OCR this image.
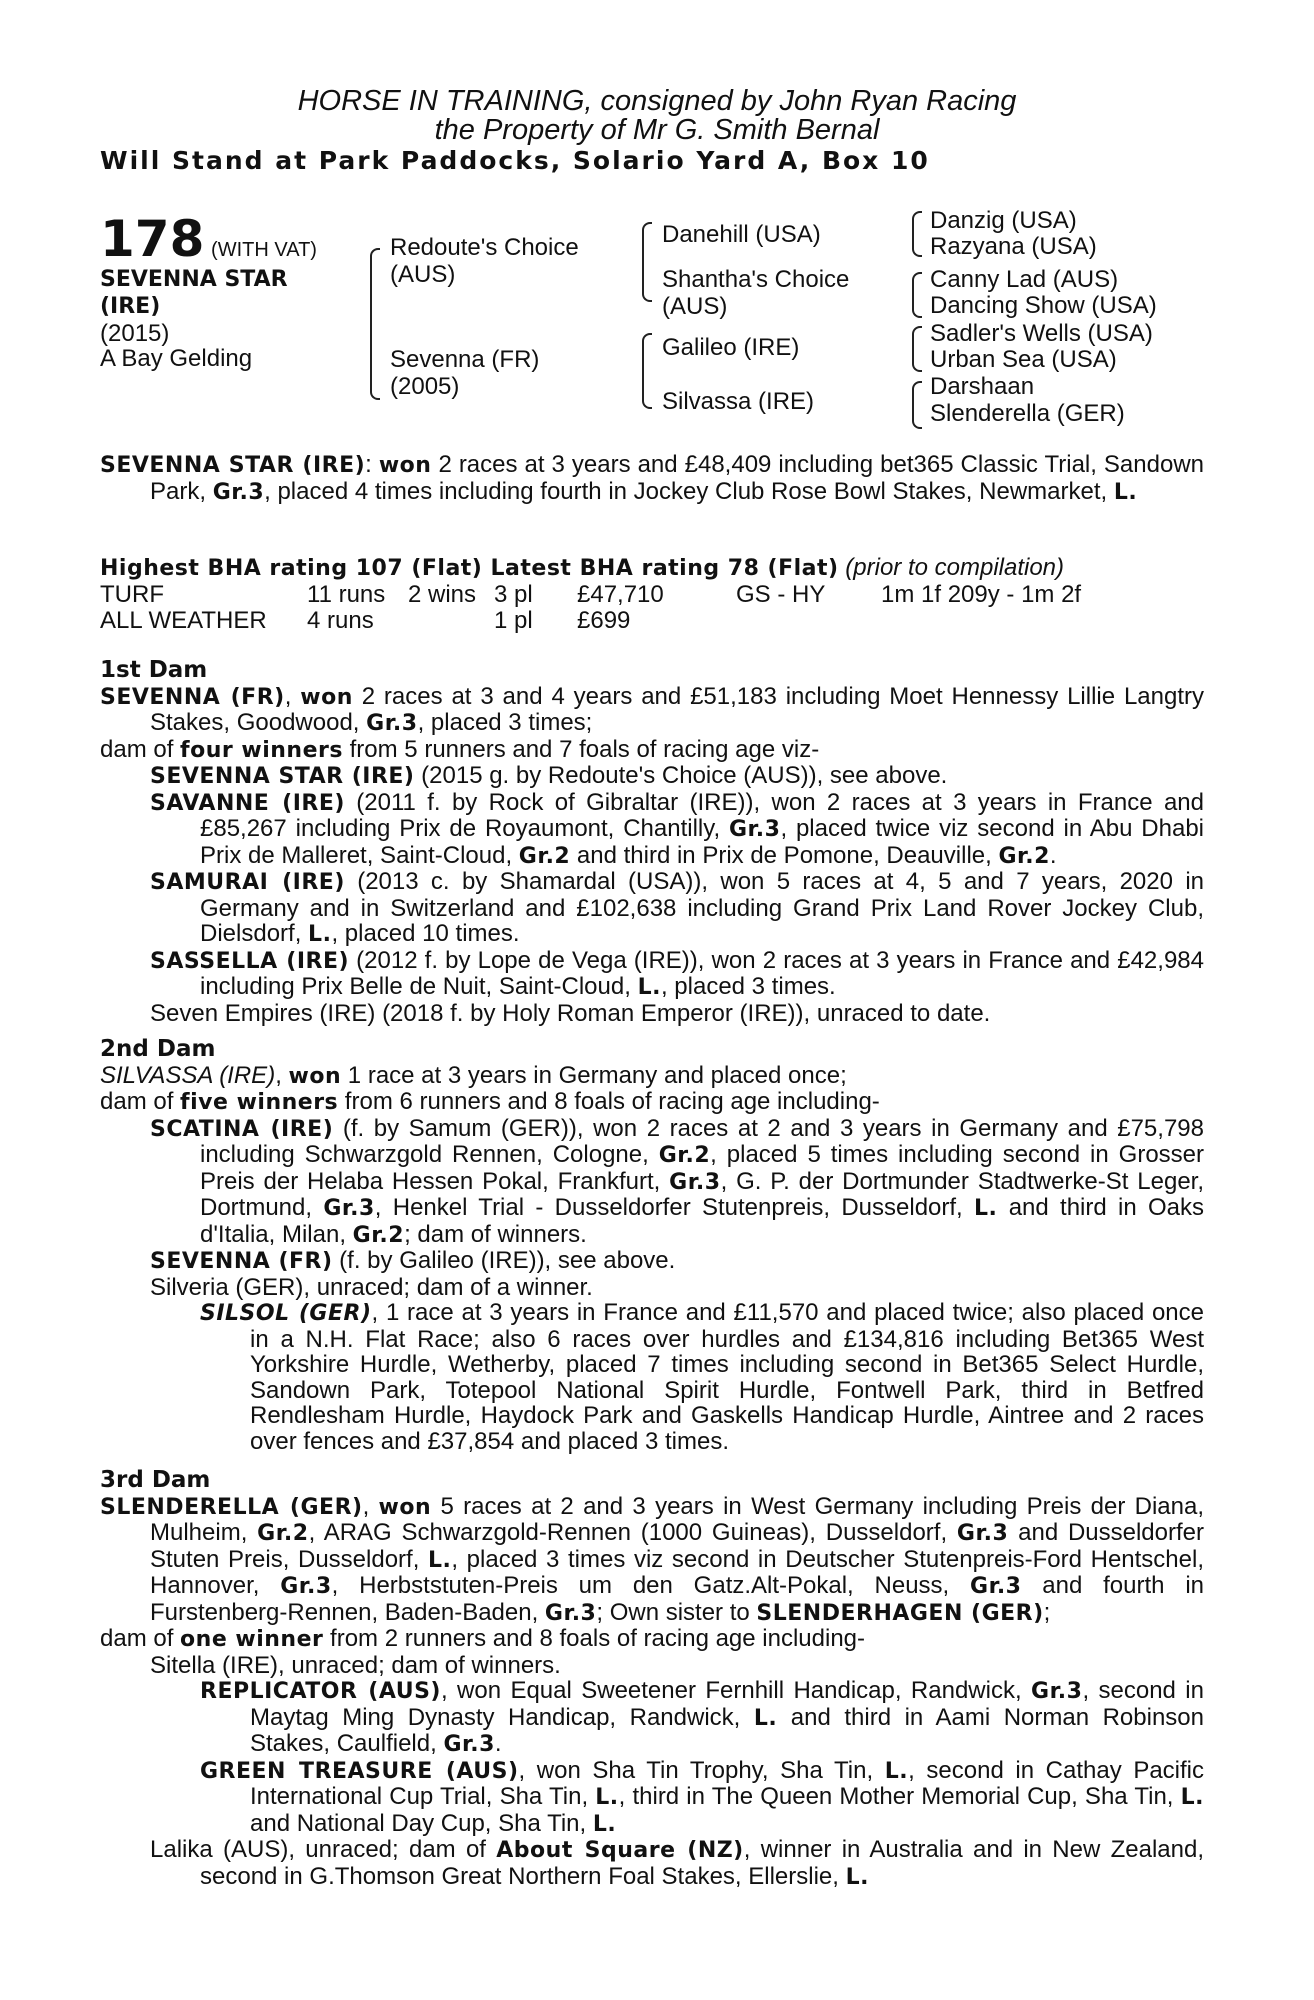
HORSE IN TRAINING, consigned by John Ryan Racing
the Property of Mr G. Smith Bernal
Will Stand at Park Paddocks, Solario Yard A, Box 10
178 (WITH VAT)
SEVENNA STAR
(IRE)
(2015)
A Bay Gelding
Redoute's Choice
(AUS)
Sevenna (FR)
(2005)
Danehill (USA)
Shantha's Choice
(AUS)
Galileo (IRE)
Silvassa (IRE)
Danzig (USA)
Razyana (USA)
Canny Lad (AUS)
Dancing Show (USA)
Sadler's Wells (USA)
Urban Sea (USA)
Darshaan
Slenderella (GER)

SEVENNA STAR (IRE): won 2 races at 3 years and £48,409 including bet365 Classic Trial, Sandown Park, Gr.3, placed 4 times including fourth in Jockey Club Rose Bowl Stakes, Newmarket, L.

Highest BHA rating 107 (Flat) Latest BHA rating 78 (Flat) (prior to compilation)
TURF	11 runs 2 wins 3 pl £47,710	GS - HY 1m 1f 209y - 1m 2f
ALL WEATHER 4 runs	1 pl £699

1st Dam

SEVENNA (FR), won 2 races at 3 and 4 years and £51,183 including Moet Hennessy Lillie Langtry Stakes, Goodwood, Gr.3, placed 3 times;

dam of four winners from 5 runners and 7 foals of racing age viz-

SEVENNA STAR (IRE) (2015 g. by Redoute's Choice (AUS)), see above.

SAVANNE (IRE) (2011 f. by Rock of Gibraltar (IRE)), won 2 races at 3 years in France and £85,267 including Prix de Royaumont, Chantilly, Gr.3, placed twice viz second in Abu Dhabi Prix de Malleret, Saint-Cloud, Gr.2 and third in Prix de Pomone, Deauville, Gr.2.

SAMURAI (IRE) (2013 c. by Shamardal (USA)), won 5 races at 4, 5 and 7 years, 2020 in Germany and in Switzerland and £102,638 including Grand Prix Land Rover Jockey Club, Dielsdorf, L., placed 10 times.

SASSELLA (IRE) (2012 f. by Lope de Vega (IRE)), won 2 races at 3 years in France and £42,984 including Prix Belle de Nuit, Saint-Cloud, L., placed 3 times.

Seven Empires (IRE) (2018 f. by Holy Roman Emperor (IRE)), unraced to date.

2nd Dam

SILVASSA (IRE), won 1 race at 3 years in Germany and placed once;

dam of five winners from 6 runners and 8 foals of racing age including-

SCATINA (IRE) (f. by Samum (GER)), won 2 races at 2 and 3 years in Germany and £75,798 including Schwarzgold Rennen, Cologne, Gr.2, placed 5 times including second in Grosser Preis der Helaba Hessen Pokal, Frankfurt, Gr.3, G. P. der Dortmunder Stadtwerke-St Leger, Dortmund, Gr.3, Henkel Trial - Dusseldorfer Stutenpreis, Dusseldorf, L. and third in Oaks d'Italia, Milan, Gr.2; dam of winners.

SEVENNA (FR) (f. by Galileo (IRE)), see above.

Silveria (GER), unraced; dam of a winner.

SILSOL (GER), 1 race at 3 years in France and £11,570 and placed twice; also placed once in a N.H. Flat Race; also 6 races over hurdles and £134,816 including Bet365 West Yorkshire Hurdle, Wetherby, placed 7 times including second in Bet365 Select Hurdle, Sandown Park, Totepool National Spirit Hurdle, Fontwell Park, third in Betfred Rendlesham Hurdle, Haydock Park and Gaskells Handicap Hurdle, Aintree and 2 races over fences and £37,854 and placed 3 times.

3rd Dam

SLENDERELLA (GER), won 5 races at 2 and 3 years in West Germany including Preis der Diana, Mulheim, Gr.2, ARAG Schwarzgold-Rennen (1000 Guineas), Dusseldorf, Gr.3 and Dusseldorfer Stuten Preis, Dusseldorf, L., placed 3 times viz second in Deutscher Stutenpreis-Ford Hentschel, Hannover, Gr.3, Herbststuten-Preis um den Gatz.Alt-Pokal, Neuss, Gr.3 and fourth in Furstenberg-Rennen, Baden-Baden, Gr.3; Own sister to SLENDERHAGEN (GER);

dam of one winner from 2 runners and 8 foals of racing age including-

Sitella (IRE), unraced; dam of winners.

REPLICATOR (AUS), won Equal Sweetener Fernhill Handicap, Randwick, Gr.3, second in Maytag Ming Dynasty Handicap, Randwick, L. and third in Aami Norman Robinson Stakes, Caulfield, Gr.3.

GREEN TREASURE (AUS), won Sha Tin Trophy, Sha Tin, L., second in Cathay Pacific International Cup Trial, Sha Tin, L., third in The Queen Mother Memorial Cup, Sha Tin, L. and National Day Cup, Sha Tin, L.

Lalika (AUS), unraced; dam of About Square (NZ), winner in Australia and in New Zealand, second in G.Thomson Great Northern Foal Stakes, Ellerslie, L.
